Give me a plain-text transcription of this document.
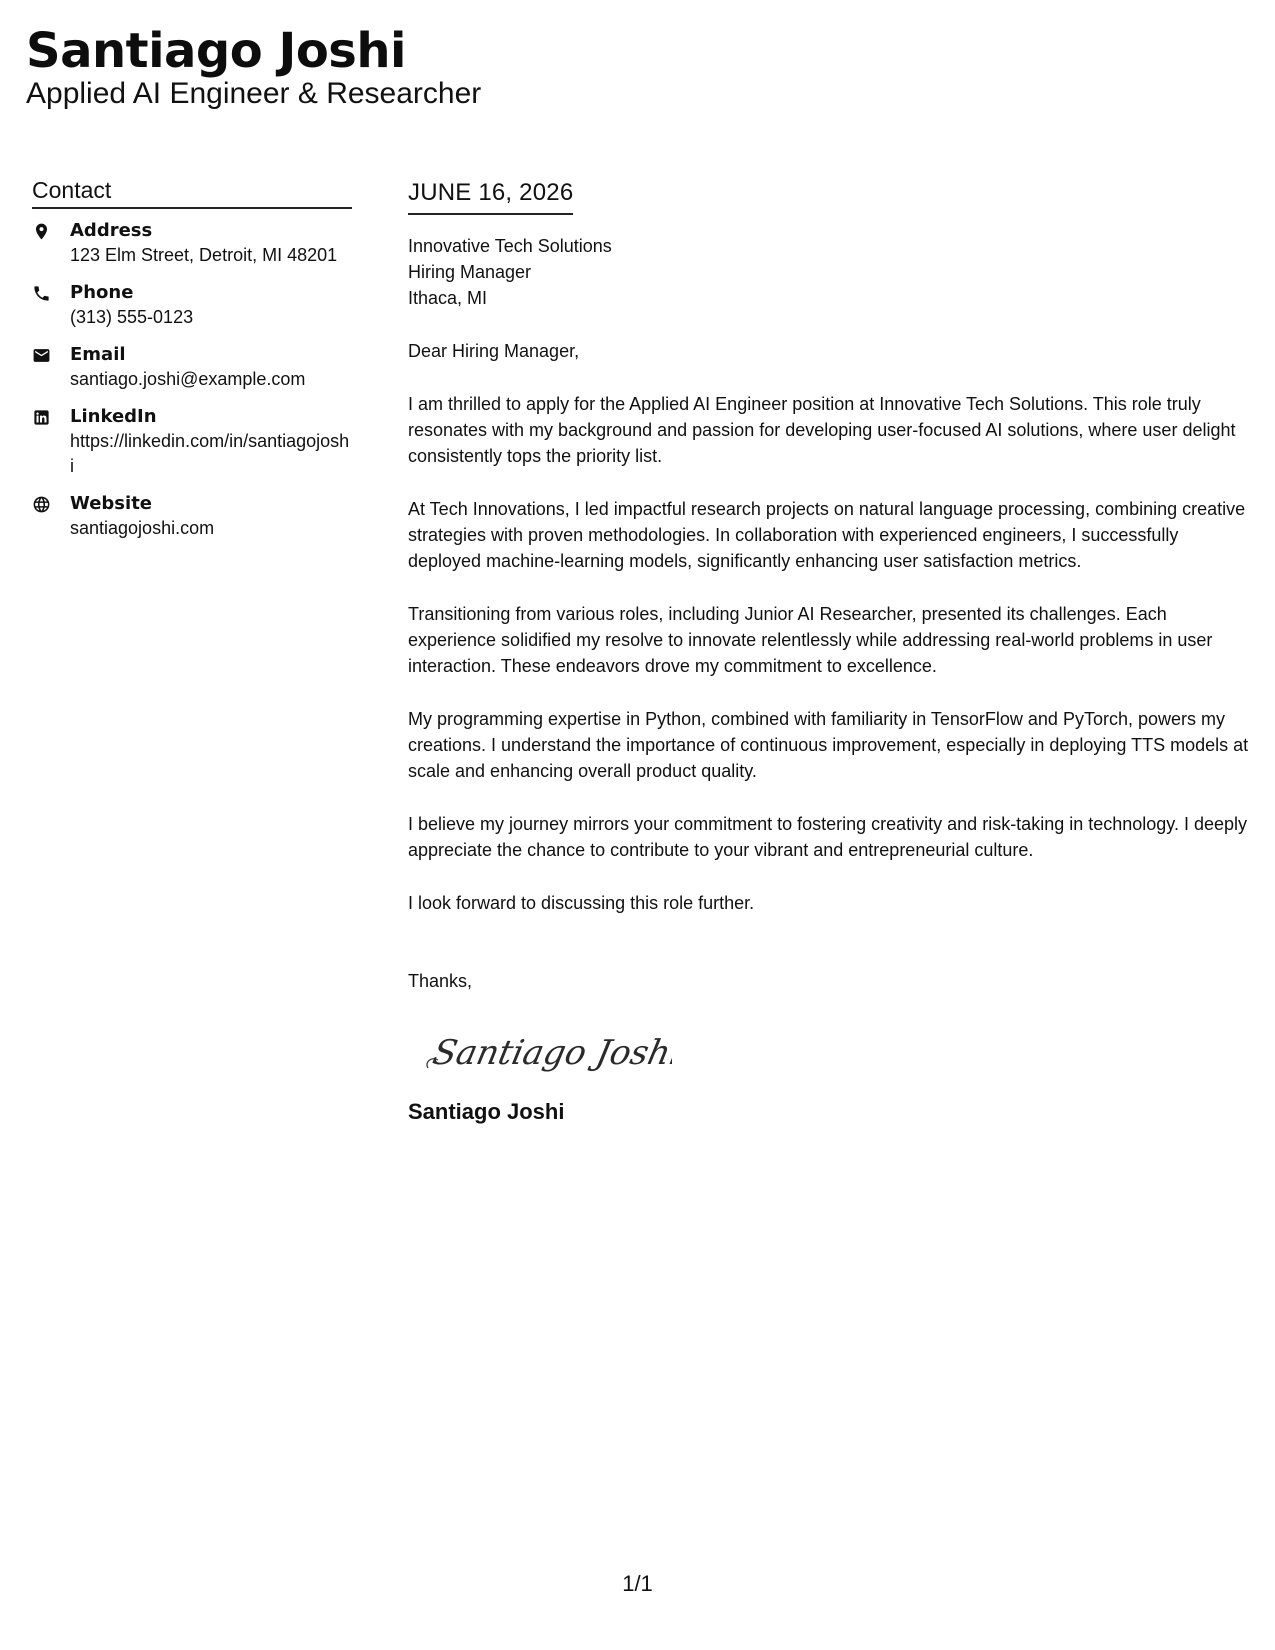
Santiago Joshi
Applied AI Engineer & Researcher
Contact
Address
123 Elm Street, Detroit, MI 48201
Phone
(313) 555-0123
Email
santiago.joshi@example.com
LinkedIn
https://linkedin.com/in/santiagojoshi
Website
santiagojoshi.com
JUNE 16, 2026
Innovative Tech Solutions
Hiring Manager
Ithaca, MI
Dear Hiring Manager,
I am thrilled to apply for the Applied AI Engineer position at Innovative Tech Solutions. This role truly resonates with my background and passion for developing user-focused AI solutions, where user delight consistently tops the priority list.
At Tech Innovations, I led impactful research projects on natural language processing, combining creative strategies with proven methodologies. In collaboration with experienced engineers, I successfully deployed machine-learning models, significantly enhancing user satisfaction metrics.
Transitioning from various roles, including Junior AI Researcher, presented its challenges. Each experience solidified my resolve to innovate relentlessly while addressing real-world problems in user interaction. These endeavors drove my commitment to excellence.
My programming expertise in Python, combined with familiarity in TensorFlow and PyTorch, powers my creations. I understand the importance of continuous improvement, especially in deploying TTS models at scale and enhancing overall product quality.
I believe my journey mirrors your commitment to fostering creativity and risk-taking in technology. I deeply appreciate the chance to contribute to your vibrant and entrepreneurial culture.
I look forward to discussing this role further.
Thanks,
Santiago Joshi
Santiago Joshi
1/1
